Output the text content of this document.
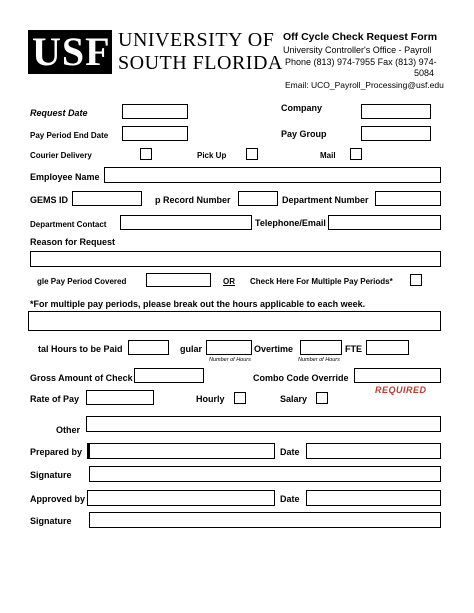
USF UNIVERSITY OF
SOUTH FLORIDA
Off Cycle Check Request Form
University Controller's Office - Payroll
Phone (813) 974-7955 Fax (813) 974-
5084
Email: UCO_Payroll_Processing@usf.edu
Request Date	Company
Pay Period End Date	Pay Group
Courier Delivery	Pick Up	Mail
Employee Name
GEMS ID	p Record Number	Department Number
Department Contact	Telephone/Email
Reason for Request
gle Pay Period Covered	OR Check Here For Multiple Pay Periods*
*For multiple pay periods, please break out the hours applicable to each week.
tal Hours to be Paid	gular
Number of Hours
Overtime
Number of Hours
FTE
Gross Amount of Check	Combo Code Override
REQUIRED
Rate of Pay	Hourly	Salary
Other
Prepared by	Date
Signature
Approved by	Date
Signature
